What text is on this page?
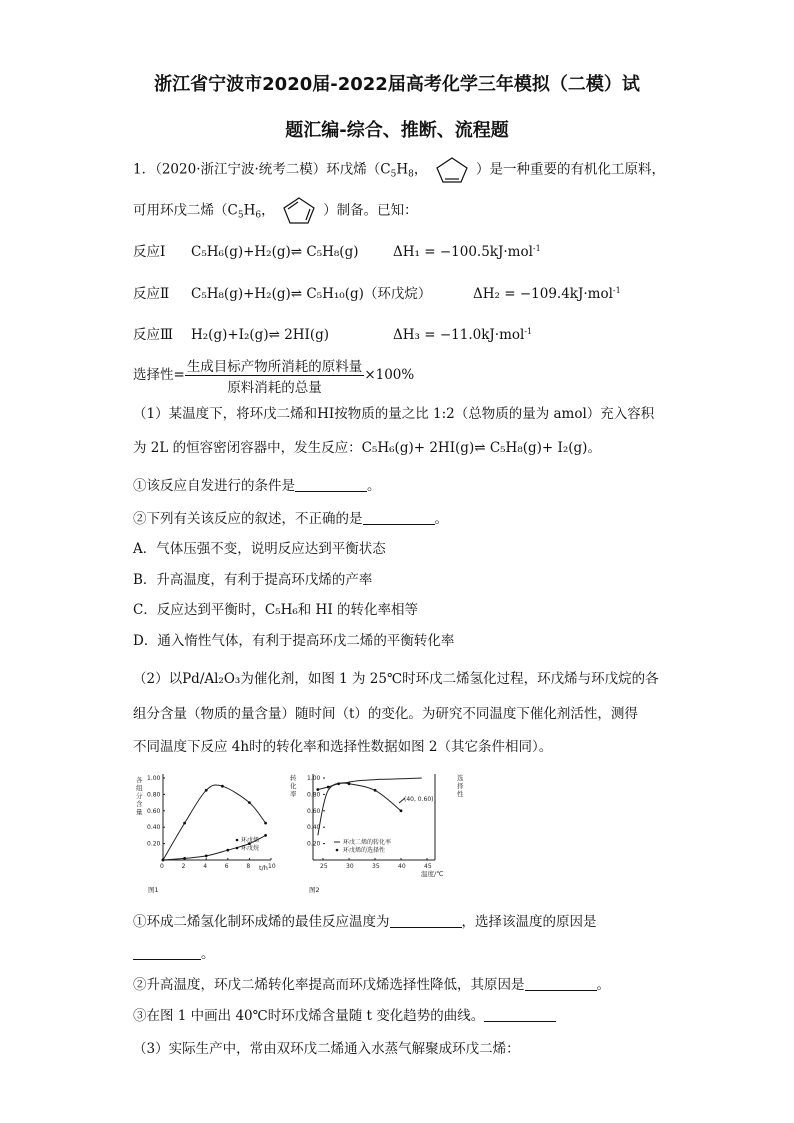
浙江省宁波市2020届-2022届高考化学三年模拟（二模）试
题汇编-综合、推断、流程题
1．（2020·浙江宁波·统考二模）环戊烯（$C_5H_8$，	）是一种重要的有机化工原料，
可用环戊二烯（$C_5H_6$，	）制备。已知：
反应Ⅰ C₅H₆(g)+H₂(g)⇌ C₅H₈(g)	ΔH₁ = −100.5kJ·mol$^{-1}$
反应Ⅱ C₅H₈(g)+H₂(g)⇌ C₅H₁₀(g)（环戊烷）	ΔH₂ = −109.4kJ·mol$^{-1}$
反应Ⅲ H₂(g)+I₂(g)⇌ 2HI(g)	ΔH₃ = −11.0kJ·mol$^{-1}$
选择性= $\frac{\text{生成目标产物所消耗的原料量}}{\text{原料消耗的总量}} \times 100\%$
（1）某温度下，将环戊二烯和HI按物质的量之比 1:2（总物质的量为 amol）充入容积
为 2L 的恒容密闭容器中，发生反应：C₅H₆(g)+ 2HI(g)⇌ C₅H₈(g)+ I₂(g)。
①该反应自发进行的条件是	。
②下列有关该反应的叙述，不正确的是	。
A．气体压强不变，说明反应达到平衡状态
B．升高温度，有利于提高环戊烯的产率
C．反应达到平衡时，C₅H₆和 HI 的转化率相等
D．通入惰性气体，有利于提高环戊二烯的平衡转化率
（2）以Pd/Al₂O₃为催化剂，如图 1 为 25℃时环戊二烯氢化过程，环戊烯与环戊烷的各
组分含量（物质的量含量）随时间（t）的变化。为研究不同温度下催化剂活性，测得
不同温度下反应 4h时的转化率和选择性数据如图 2（其它条件相同）。
各
组
分
含
量
1.00
0.80
0.60
0.40
0.20
0	2	4	6	8	10
t/h
环戊烯
环戊烷
图1
转
化
率
选
择
性
1.00
0.80
0.60
0.40
0.20
25	30	35	40	45
温度/℃
(40, 0.60)
环戊二烯的转化率
环戊烯的选择性
图2
①环成二烯氢化制环成烯的最佳反应温度为	，选择该温度的原因是
。
②升高温度，环戊二烯转化率提高而环戊烯选择性降低，其原因是	。
③在图 1 中画出 40℃时环戊烯含量随 t 变化趋势的曲线。
（3）实际生产中，常由双环戊二烯通入水蒸气解聚成环戊二烯：
